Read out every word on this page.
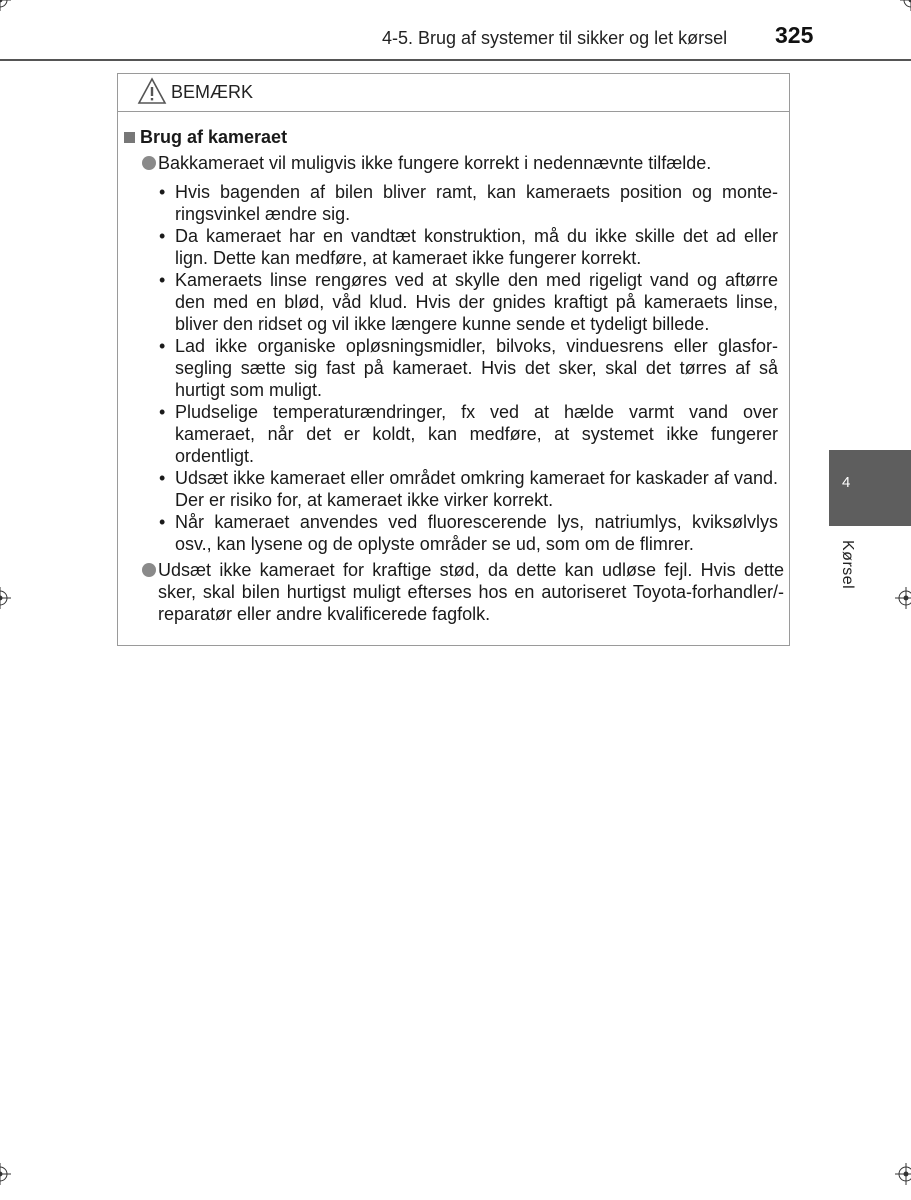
4-5. Brug af systemer til sikker og let kørsel 325
4
Kørsel
BEMÆRK
Brug af kameraet
Bakkameraet vil muligvis ikke fungere korrekt i nedennævnte tilfælde.
• Hvis bagenden af bilen bliver ramt, kan kameraets position og monte-ringsvinkel ændre sig.
• Da kameraet har en vandtæt konstruktion, må du ikke skille det ad eller lign. Dette kan medføre, at kameraet ikke fungerer korrekt.
• Kameraets linse rengøres ved at skylle den med rigeligt vand og aftørre den med en blød, våd klud. Hvis der gnides kraftigt på kameraets linse, bliver den ridset og vil ikke længere kunne sende et tydeligt billede.
• Lad ikke organiske opløsningsmidler, bilvoks, vinduesrens eller glasfor-segling sætte sig fast på kameraet. Hvis det sker, skal det tørres af så hurtigt som muligt.
• Pludselige temperaturændringer, fx ved at hælde varmt vand over kameraet, når det er koldt, kan medføre, at systemet ikke fungerer ordentligt.
• Udsæt ikke kameraet eller området omkring kameraet for kaskader af vand. Der er risiko for, at kameraet ikke virker korrekt.
• Når kameraet anvendes ved fluorescerende lys, natriumlys, kviksølvlys osv., kan lysene og de oplyste områder se ud, som om de flimrer.
Udsæt ikke kameraet for kraftige stød, da dette kan udløse fejl. Hvis dette sker, skal bilen hurtigst muligt efterses hos en autoriseret Toyota-forhandler/-reparatør eller andre kvalificerede fagfolk.
